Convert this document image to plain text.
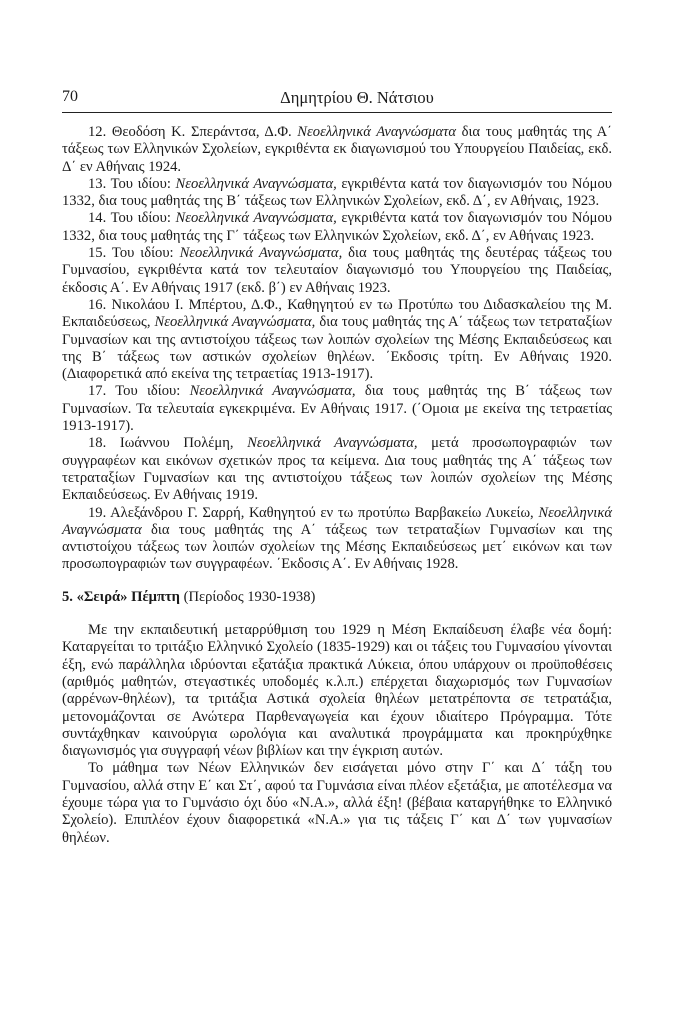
70	Δημητρίου Θ. Νάτσιου

12. Θεοδόση Κ. Σπεράντσα, Δ.Φ. Νεοελληνικά Αναγνώσματα δια τους μαθητάς της Α΄ τάξεως των Ελληνικών Σχολείων, εγκριθέντα εκ διαγωνισμού του Υπουργείου Παιδείας, εκδ. Δ΄ εν Αθήναις 1924.

13. Του ιδίου: Νεοελληνικά Αναγνώσματα, εγκριθέντα κατά τον διαγωνισμόν του Νόμου 1332, δια τους μαθητάς της Β΄ τάξεως των Ελληνικών Σχολείων, εκδ. Δ΄, εν Αθήναις, 1923.

14. Του ιδίου: Νεοελληνικά Αναγνώσματα, εγκριθέντα κατά τον διαγωνισμόν του Νόμου 1332, δια τους μαθητάς της Γ΄ τάξεως των Ελληνικών Σχολείων, εκδ. Δ΄, εν Αθήναις 1923.

15. Του ιδίου: Νεοελληνικά Αναγνώσματα, δια τους μαθητάς της δευτέρας τάξεως του Γυμνασίου, εγκριθέντα κατά τον τελευταίον διαγωνισμό του Υπουργείου της Παιδείας, έκδοσις Α΄. Εν Αθήναις 1917 (εκδ. β΄) εν Αθήναις 1923.

16. Νικολάου Ι. Μπέρτου, Δ.Φ., Καθηγητού εν τω Προτύπω του Διδασκαλείου της Μ. Εκπαιδεύσεως, Νεοελληνικά Αναγνώσματα, δια τους μαθητάς της Α΄ τάξεως των τετραταξίων Γυμνασίων και της αντιστοίχου τάξεως των λοιπών σχολείων της Μέσης Εκπαιδεύσεως και της Β΄ τάξεως των αστικών σχολείων θηλέων. ΄Εκδοσις τρίτη. Εν Αθήναις 1920. (Διαφορετικά από εκείνα της τετραετίας 1913-1917).

17. Του ιδίου: Νεοελληνικά Αναγνώσματα, δια τους μαθητάς της Β΄ τάξεως των Γυμνασίων. Τα τελευταία εγκεκριμένα. Εν Αθήναις 1917. (΄Ομοια με εκείνα της τετραετίας 1913-1917).

18. Ιωάννου Πολέμη, Νεοελληνικά Αναγνώσματα, μετά προσωπογραφιών των συγγραφέων και εικόνων σχετικών προς τα κείμενα. Δια τους μαθητάς της Α΄ τάξεως των τετραταξίων Γυμνασίων και της αντιστοίχου τάξεως των λοιπών σχολείων της Μέσης Εκπαιδεύσεως. Εν Αθήναις 1919.

19. Αλεξάνδρου Γ. Σαρρή, Καθηγητού εν τω προτύπω Βαρβακείω Λυκείω, Νεοελληνικά Αναγνώσματα δια τους μαθητάς της Α΄ τάξεως των τετραταξίων Γυμνασίων και της αντιστοίχου τάξεως των λοιπών σχολείων της Μέσης Εκπαιδεύσεως μετ΄ εικόνων και των προσωπογραφιών των συγγραφέων. ΄Εκδοσις Α΄. Εν Αθήναις 1928.

5. «Σειρά» Πέμπτη (Περίοδος 1930-1938)

Με την εκπαιδευτική μεταρρύθμιση του 1929 η Μέση Εκπαίδευση έλαβε νέα δομή: Καταργείται το τριτάξιο Ελληνικό Σχολείο (1835-1929) και οι τάξεις του Γυμνασίου γίνονται έξη, ενώ παράλληλα ιδρύονται εξατάξια πρακτικά Λύκεια, όπου υπάρχουν οι προϋποθέσεις (αριθμός μαθητών, στεγαστικές υποδομές κ.λ.π.) επέρχεται διαχωρισμός των Γυμνασίων (αρρένων-θηλέων), τα τριτάξια Αστικά σχολεία θηλέων μετατρέποντα σε τετρατάξια, μετονομάζονται σε Ανώτερα Παρθεναγωγεία και έχουν ιδιαίτερο Πρόγραμμα. Τότε συντάχθηκαν καινούργια ωρολόγια και αναλυτικά προγράμματα και προκηρύχθηκε διαγωνισμός για συγγραφή νέων βιβλίων και την έγκριση αυτών.

Το μάθημα των Νέων Ελληνικών δεν εισάγεται μόνο στην Γ΄ και Δ΄ τάξη του Γυμνασίου, αλλά στην Ε΄ και Στ΄, αφού τα Γυμνάσια είναι πλέον εξετάξια, με αποτέλεσμα να έχουμε τώρα για το Γυμνάσιο όχι δύο «Ν.Α.», αλλά έξη! (βέβαια καταργήθηκε το Ελληνικό Σχολείο). Επιπλέον έχουν διαφορετικά «Ν.Α.» για τις τάξεις Γ΄ και Δ΄ των γυμνασίων θηλέων.
